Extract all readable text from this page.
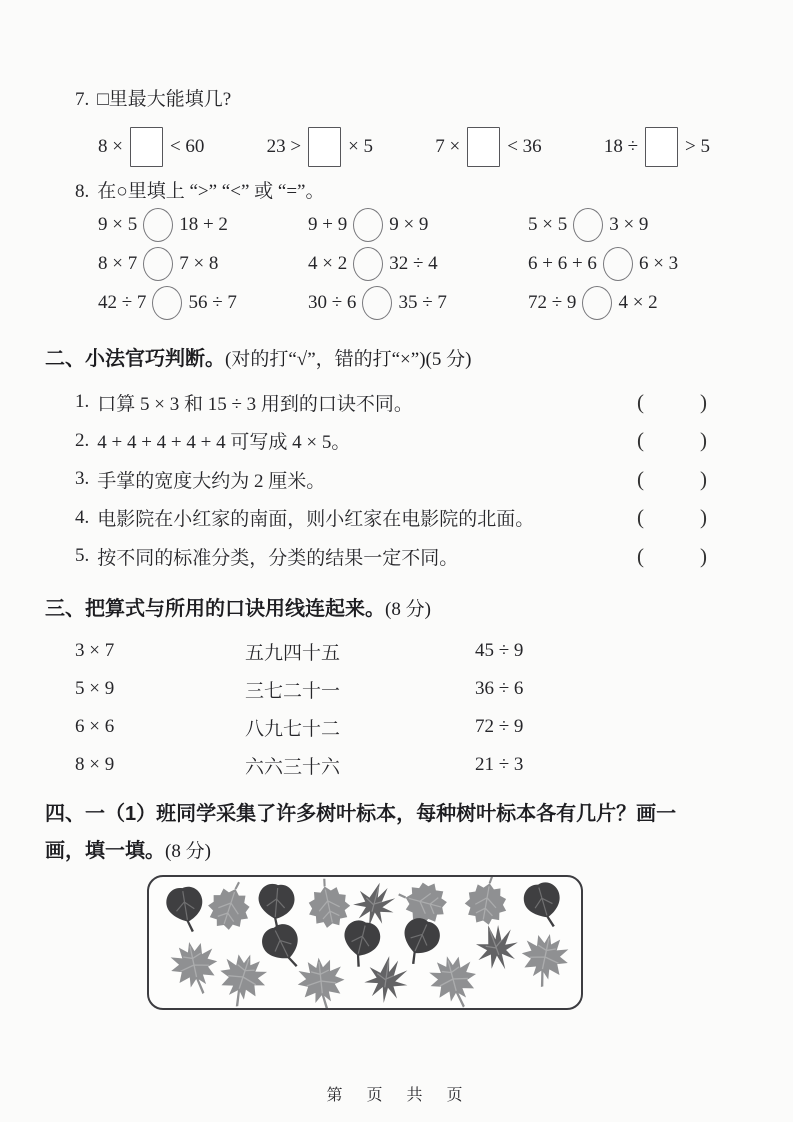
7. □里最大能填几?
8 × < 60	23 > × 5	7 × < 36	18 ÷ > 5
8. 在○里填上 “>” “<” 或 “=”。
9 × 5 18 + 2	9 + 9 9 × 9	5 × 5 3 × 9
8 × 7 7 × 8	4 × 2 32 ÷ 4	6 + 6 + 6 6 × 3
42 ÷ 7 56 ÷ 7	30 ÷ 6 35 ÷ 7	72 ÷ 9 4 × 2
二、小法官巧判断。(对的打“√”，错的打“×”)(5 分)
1. 口算 5 × 3 和 15 ÷ 3 用到的口诀不同。	(	)
2. 4 + 4 + 4 + 4 + 4 可写成 4 × 5。	(	)
3. 手掌的宽度大约为 2 厘米。	(	)
4. 电影院在小红家的南面，则小红家在电影院的北面。	(	)
5. 按不同的标准分类，分类的结果一定不同。	(	)
三、把算式与所用的口诀用线连起来。(8 分)
3 × 7	五九四十五	45 ÷ 9
5 × 9	三七二十一	36 ÷ 6
6 × 6	八九七十二	72 ÷ 9
8 × 9	六六三十六	21 ÷ 3
四、一（1）班同学采集了许多树叶标本，每种树叶标本各有几片？画一
画，填一填。(8 分)
第　页　共　页
